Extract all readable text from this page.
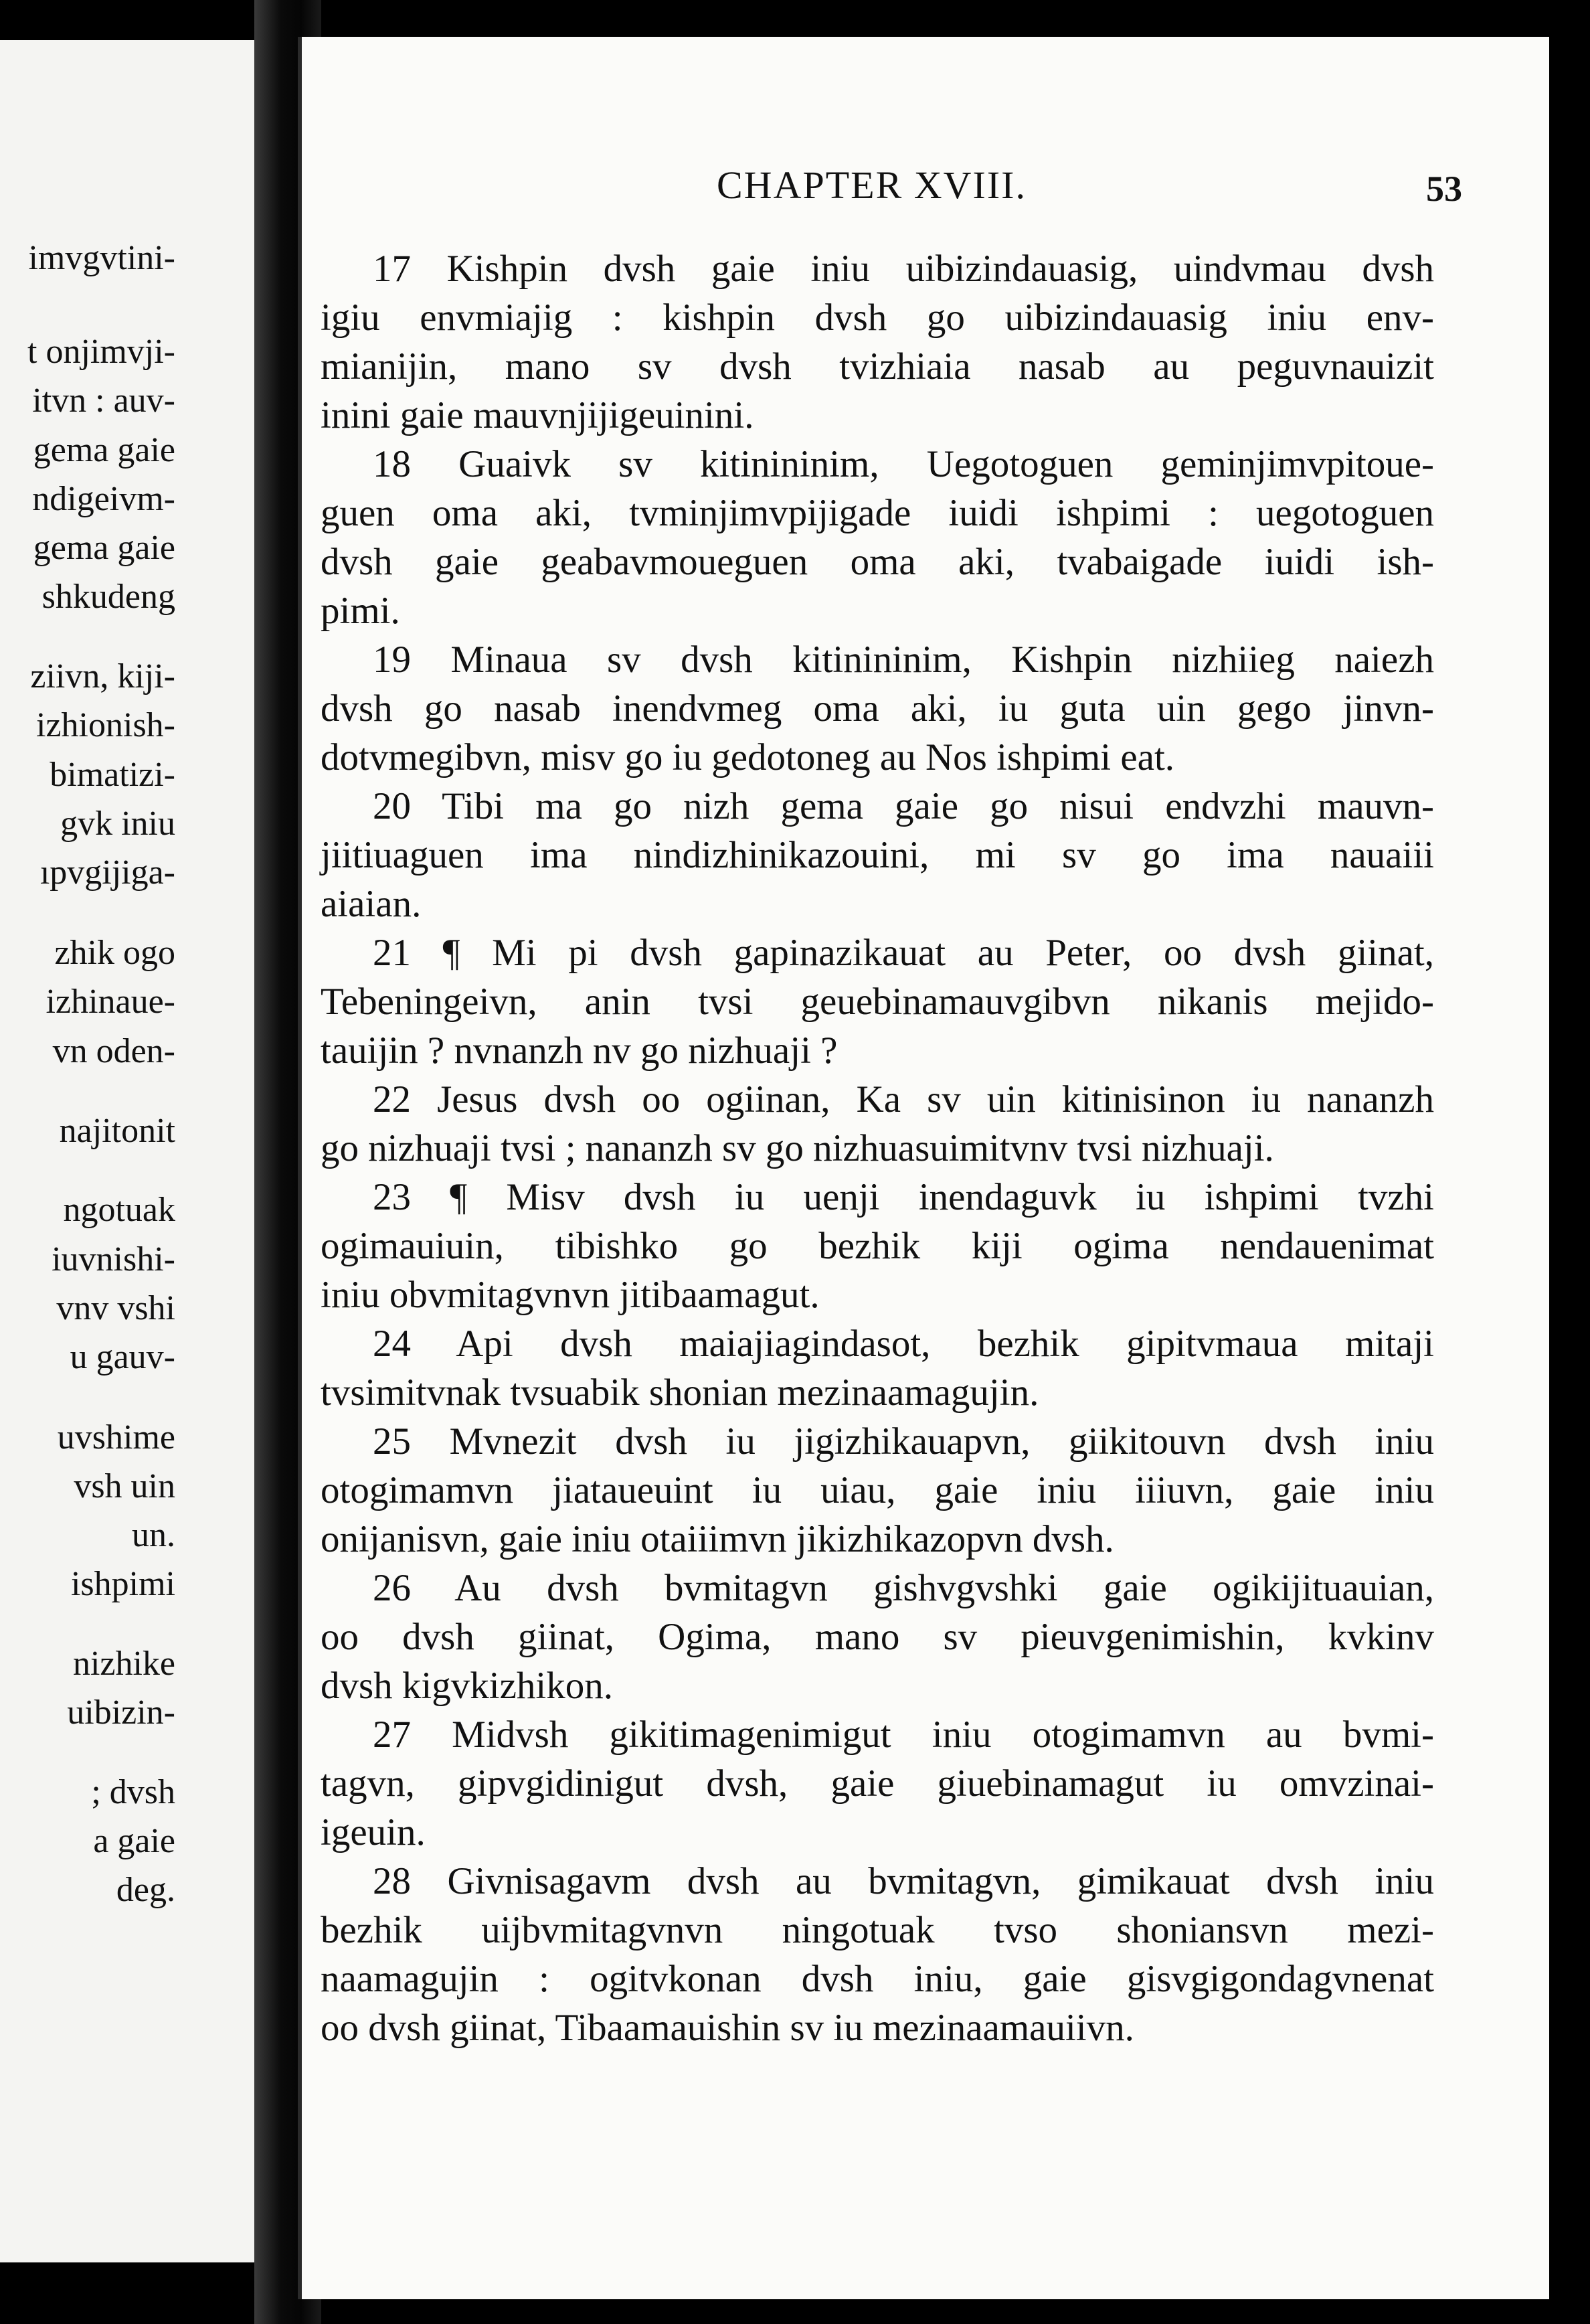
imvgvtini-
t onjimvji-
itvn : auv-
gema gaie
ndigeivm-
gema gaie
shkudeng
ziivn, kiji-
izhionish-
bimatizi-
gvk iniu
ıpvgijiga-
zhik ogo
izhinaue-
vn oden-
najitonit
ngotuak
iuvnishi-
vnv vshi
u gauv-
uvshime
vsh uin
un.
ishpimi
nizhike
uibizin-
; dvsh
a gaie
deg.
CHAPTER XVIII.	53
17 Kishpin dvsh gaie iniu uibizindauasig, uindvmau dvsh
igiu envmiajig : kishpin dvsh go uibizindauasig iniu env-
mianijin, mano sv dvsh tvizhiaia nasab au peguvnauizit
inini gaie mauvnjijigeuinini.
18 Guaivk sv kitinininim, Uegotoguen geminjimvpitoue-
guen oma aki, tvminjimvpijigade iuidi ishpimi : uegotoguen
dvsh gaie geabavmoueguen oma aki, tvabaigade iuidi ish-
pimi.
19 Minaua sv dvsh kitinininim, Kishpin nizhiieg naiezh
dvsh go nasab inendvmeg oma aki, iu guta uin gego jinvn-
dotvmegibvn, misv go iu gedotoneg au Nos ishpimi eat.
20 Tibi ma go nizh gema gaie go nisui endvzhi mauvn-
jiitiuaguen ima nindizhinikazouini, mi sv go ima nauaiii
aiaian.
21 ¶ Mi pi dvsh gapinazikauat au Peter, oo dvsh giinat,
Tebeningeivn, anin tvsi geuebinamauvgibvn nikanis mejido-
tauijin ? nvnanzh nv go nizhuaji ?
22 Jesus dvsh oo ogiinan, Ka sv uin kitinisinon iu nananzh
go nizhuaji tvsi ; nananzh sv go nizhuasuimitvnv tvsi nizhuaji.
23 ¶ Misv dvsh iu uenji inendaguvk iu ishpimi tvzhi
ogimauiuin, tibishko go bezhik kiji ogima nendauenimat
iniu obvmitagvnvn jitibaamagut.
24 Api dvsh maiajiagindasot, bezhik gipitvmaua mitaji
tvsimitvnak tvsuabik shonian mezinaamagujin.
25 Mvnezit dvsh iu jigizhikauapvn, giikitouvn dvsh iniu
otogimamvn jiataueuint iu uiau, gaie iniu iiiuvn, gaie iniu
onijanisvn, gaie iniu otaiiimvn jikizhikazopvn dvsh.
26 Au dvsh bvmitagvn gishvgvshki gaie ogikijituauian,
oo dvsh giinat, Ogima, mano sv pieuvgenimishin, kvkinv
dvsh kigvkizhikon.
27 Midvsh gikitimagenimigut iniu otogimamvn au bvmi-
tagvn, gipvgidinigut dvsh, gaie giuebinamagut iu omvzinai-
igeuin.
28 Givnisagavm dvsh au bvmitagvn, gimikauat dvsh iniu
bezhik uijbvmitagvnvn ningotuak tvso shoniansvn mezi-
naamagujin : ogitvkonan dvsh iniu, gaie gisvgigondagvnenat
oo dvsh giinat, Tibaamauishin sv iu mezinaamauiivn.
